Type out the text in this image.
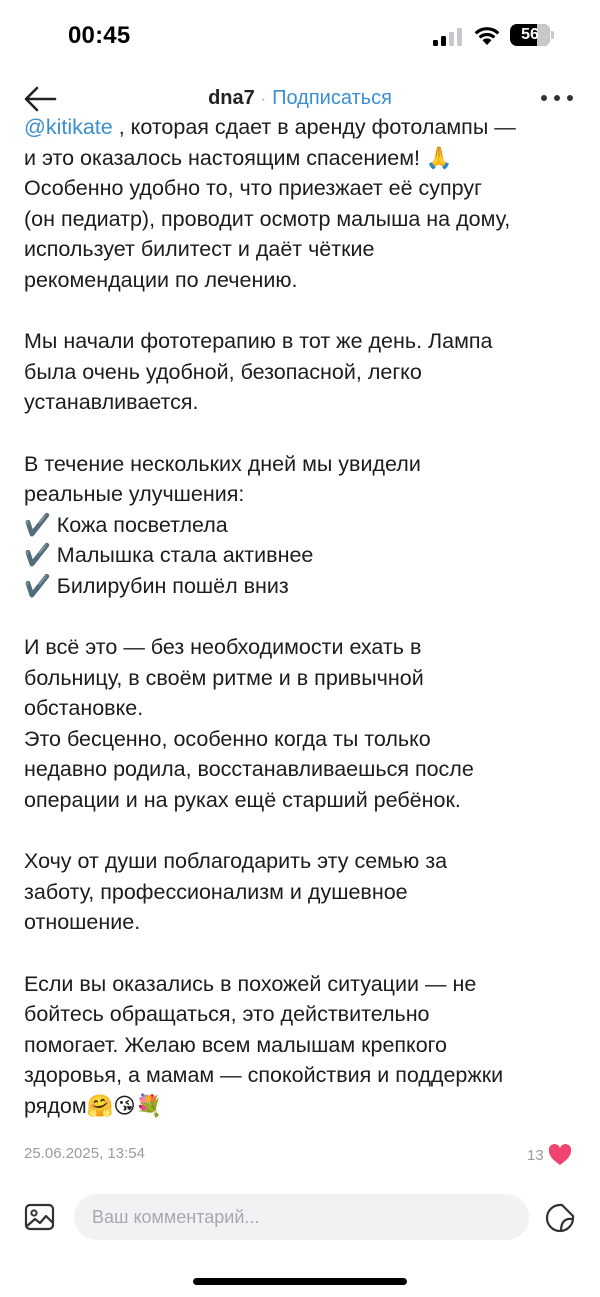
00:45	56
dna7 · Подписаться

@kitikate , которая сдает в аренду фотолампы —
и это оказалось настоящим спасением! 🙏
Особенно удобно то, что приезжает её супруг
(он педиатр), проводит осмотр малыша на дому,
использует билитест и даёт чёткие
рекомендации по лечению.

Мы начали фототерапию в тот же день. Лампа
была очень удобной, безопасной, легко
устанавливается.

В течение нескольких дней мы увидели
реальные улучшения:
✔️ Кожа посветлела
✔️ Малышка стала активнее
✔️ Билирубин пошёл вниз

И всё это — без необходимости ехать в
больницу, в своём ритме и в привычной
обстановке.
Это бесценно, особенно когда ты только
недавно родила, восстанавливаешься после
операции и на руках ещё старший ребёнок.

Хочу от души поблагодарить эту семью за
заботу, профессионализм и душевное
отношение.

Если вы оказались в похожей ситуации — не
бойтесь обращаться, это действительно
помогает. Желаю всем малышам крепкого
здоровья, а мамам — спокойствия и поддержки
рядом🤗😘💐

25.06.2025, 13:54	13
Ваш комментарий...
